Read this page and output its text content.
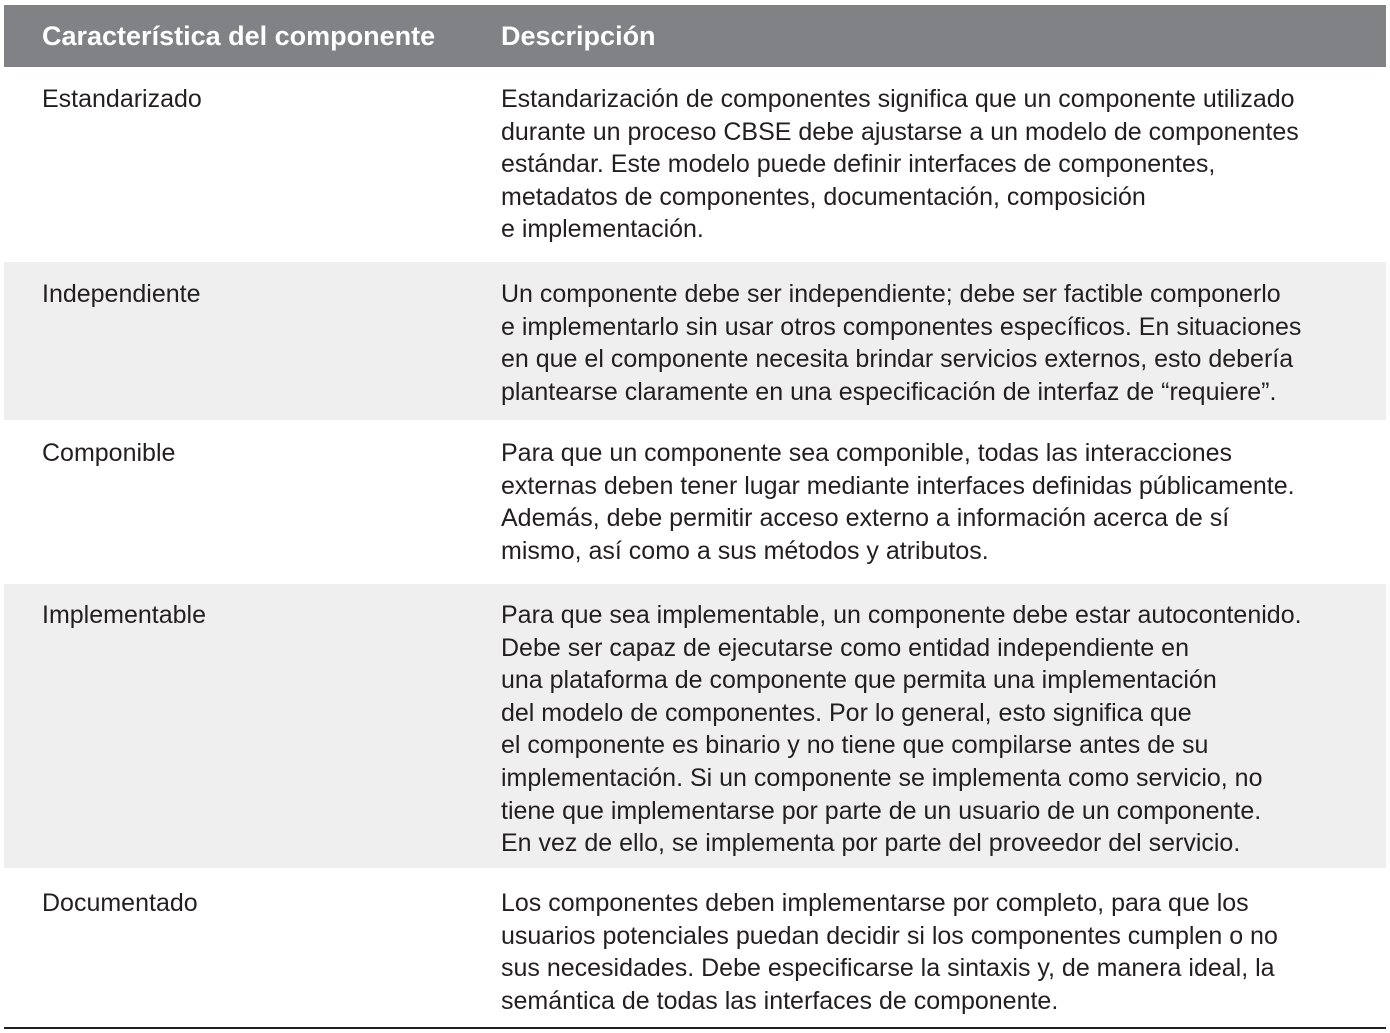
Característica del componente	Descripción
Estandarizado	Estandarización de componentes significa que un componente utilizado
durante un proceso CBSE debe ajustarse a un modelo de componentes
estándar. Este modelo puede definir interfaces de componentes,
metadatos de componentes, documentación, composición
e implementación.
Independiente	Un componente debe ser independiente; debe ser factible componerlo
e implementarlo sin usar otros componentes específicos. En situaciones
en que el componente necesita brindar servicios externos, esto debería
plantearse claramente en una especificación de interfaz de “requiere”.
Componible	Para que un componente sea componible, todas las interacciones
externas deben tener lugar mediante interfaces definidas públicamente.
Además, debe permitir acceso externo a información acerca de sí
mismo, así como a sus métodos y atributos.
Implementable	Para que sea implementable, un componente debe estar autocontenido.
Debe ser capaz de ejecutarse como entidad independiente en
una plataforma de componente que permita una implementación
del modelo de componentes. Por lo general, esto significa que
el componente es binario y no tiene que compilarse antes de su
implementación. Si un componente se implementa como servicio, no
tiene que implementarse por parte de un usuario de un componente.
En vez de ello, se implementa por parte del proveedor del servicio.
Documentado	Los componentes deben implementarse por completo, para que los
usuarios potenciales puedan decidir si los componentes cumplen o no
sus necesidades. Debe especificarse la sintaxis y, de manera ideal, la
semántica de todas las interfaces de componente.
